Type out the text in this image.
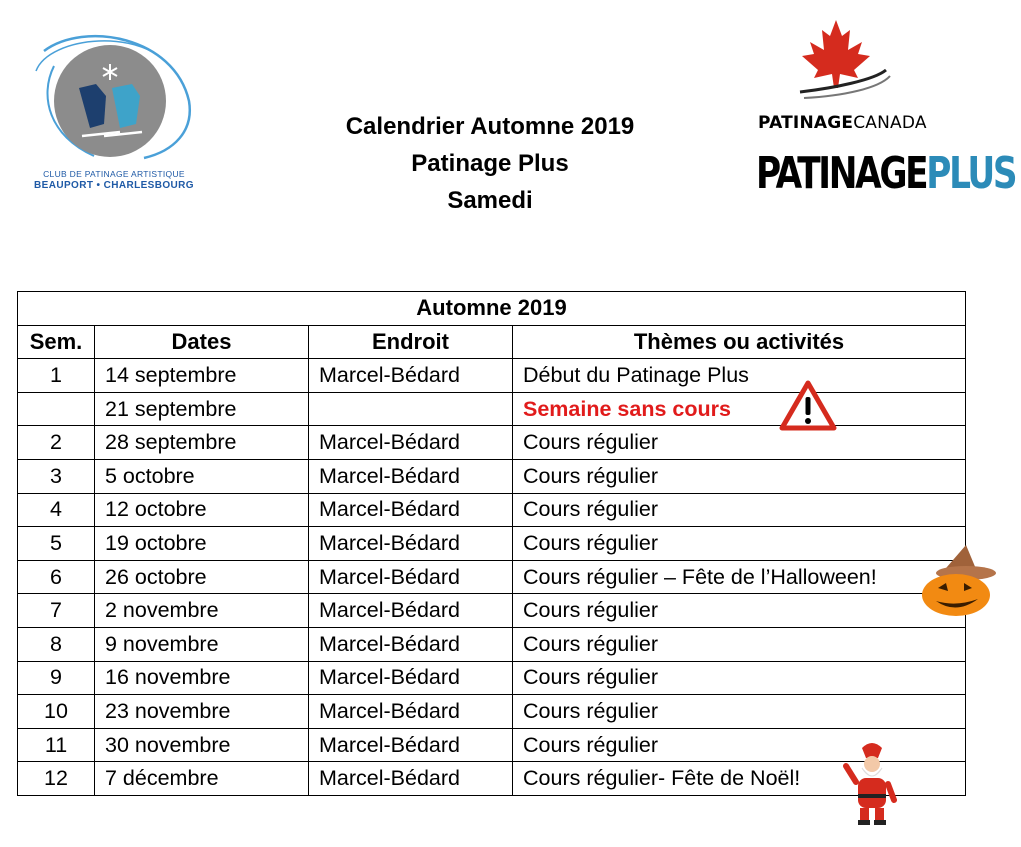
CLUB DE PATINAGE ARTISTIQUE
BEAUPORT • CHARLESBOURG
Calendrier Automne 2019
Patinage Plus
Samedi
PATINAGECANADA
PATINAGEPLUS
Automne 2019			
Sem.	Dates	Endroit	Thèmes ou activités
1	14 septembre	Marcel-Bédard	Début du Patinage Plus
	21 septembre		Semaine sans cours
2	28 septembre	Marcel-Bédard	Cours régulier
3	5 octobre	Marcel-Bédard	Cours régulier
4	12 octobre	Marcel-Bédard	Cours régulier
5	19 octobre	Marcel-Bédard	Cours régulier
6	26 octobre	Marcel-Bédard	Cours régulier – Fête de l’Halloween!
7	2 novembre	Marcel-Bédard	Cours régulier
8	9 novembre	Marcel-Bédard	Cours régulier
9	16 novembre	Marcel-Bédard	Cours régulier
10	23 novembre	Marcel-Bédard	Cours régulier
11	30 novembre	Marcel-Bédard	Cours régulier
12	7 décembre	Marcel-Bédard	Cours régulier- Fête de Noël!
